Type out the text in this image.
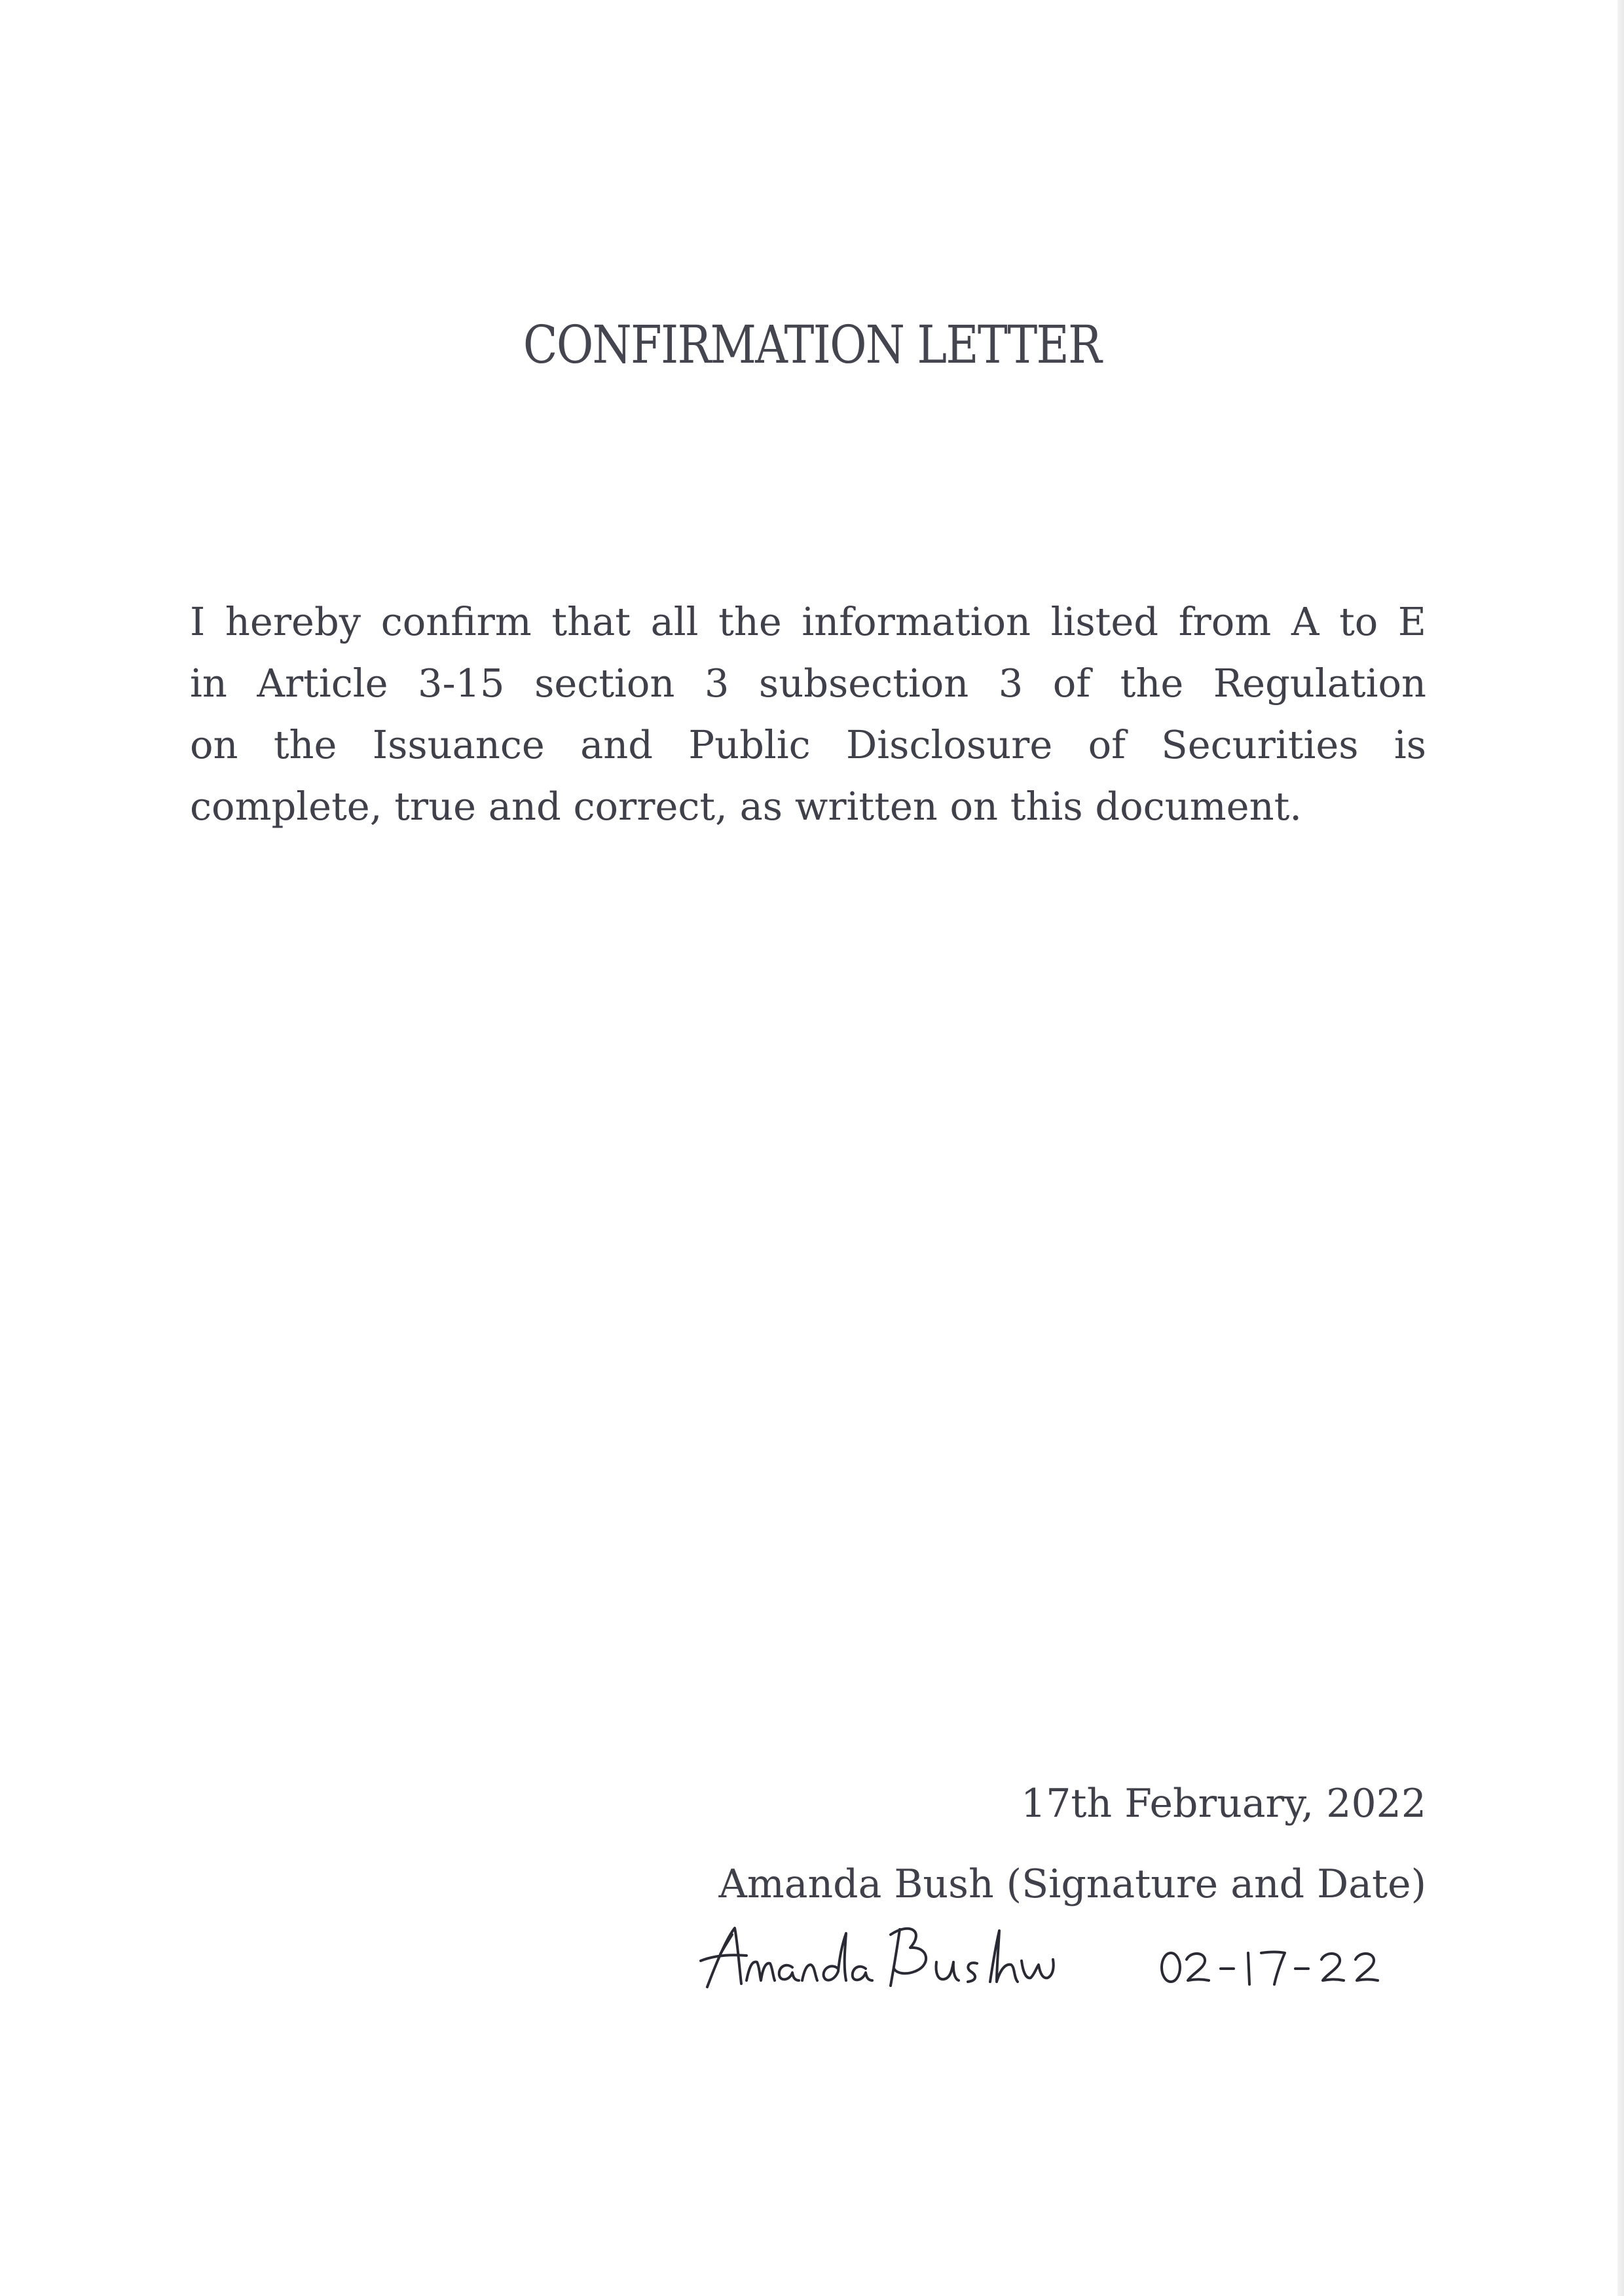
CONFIRMATION LETTER
I hereby confirm that all the information listed from A to E
in Article 3-15 section 3 subsection 3 of the Regulation
on the Issuance and Public Disclosure of Securities is
complete, true and correct, as written on this document.
17th February, 2022
Amanda Bush (Signature and Date)
